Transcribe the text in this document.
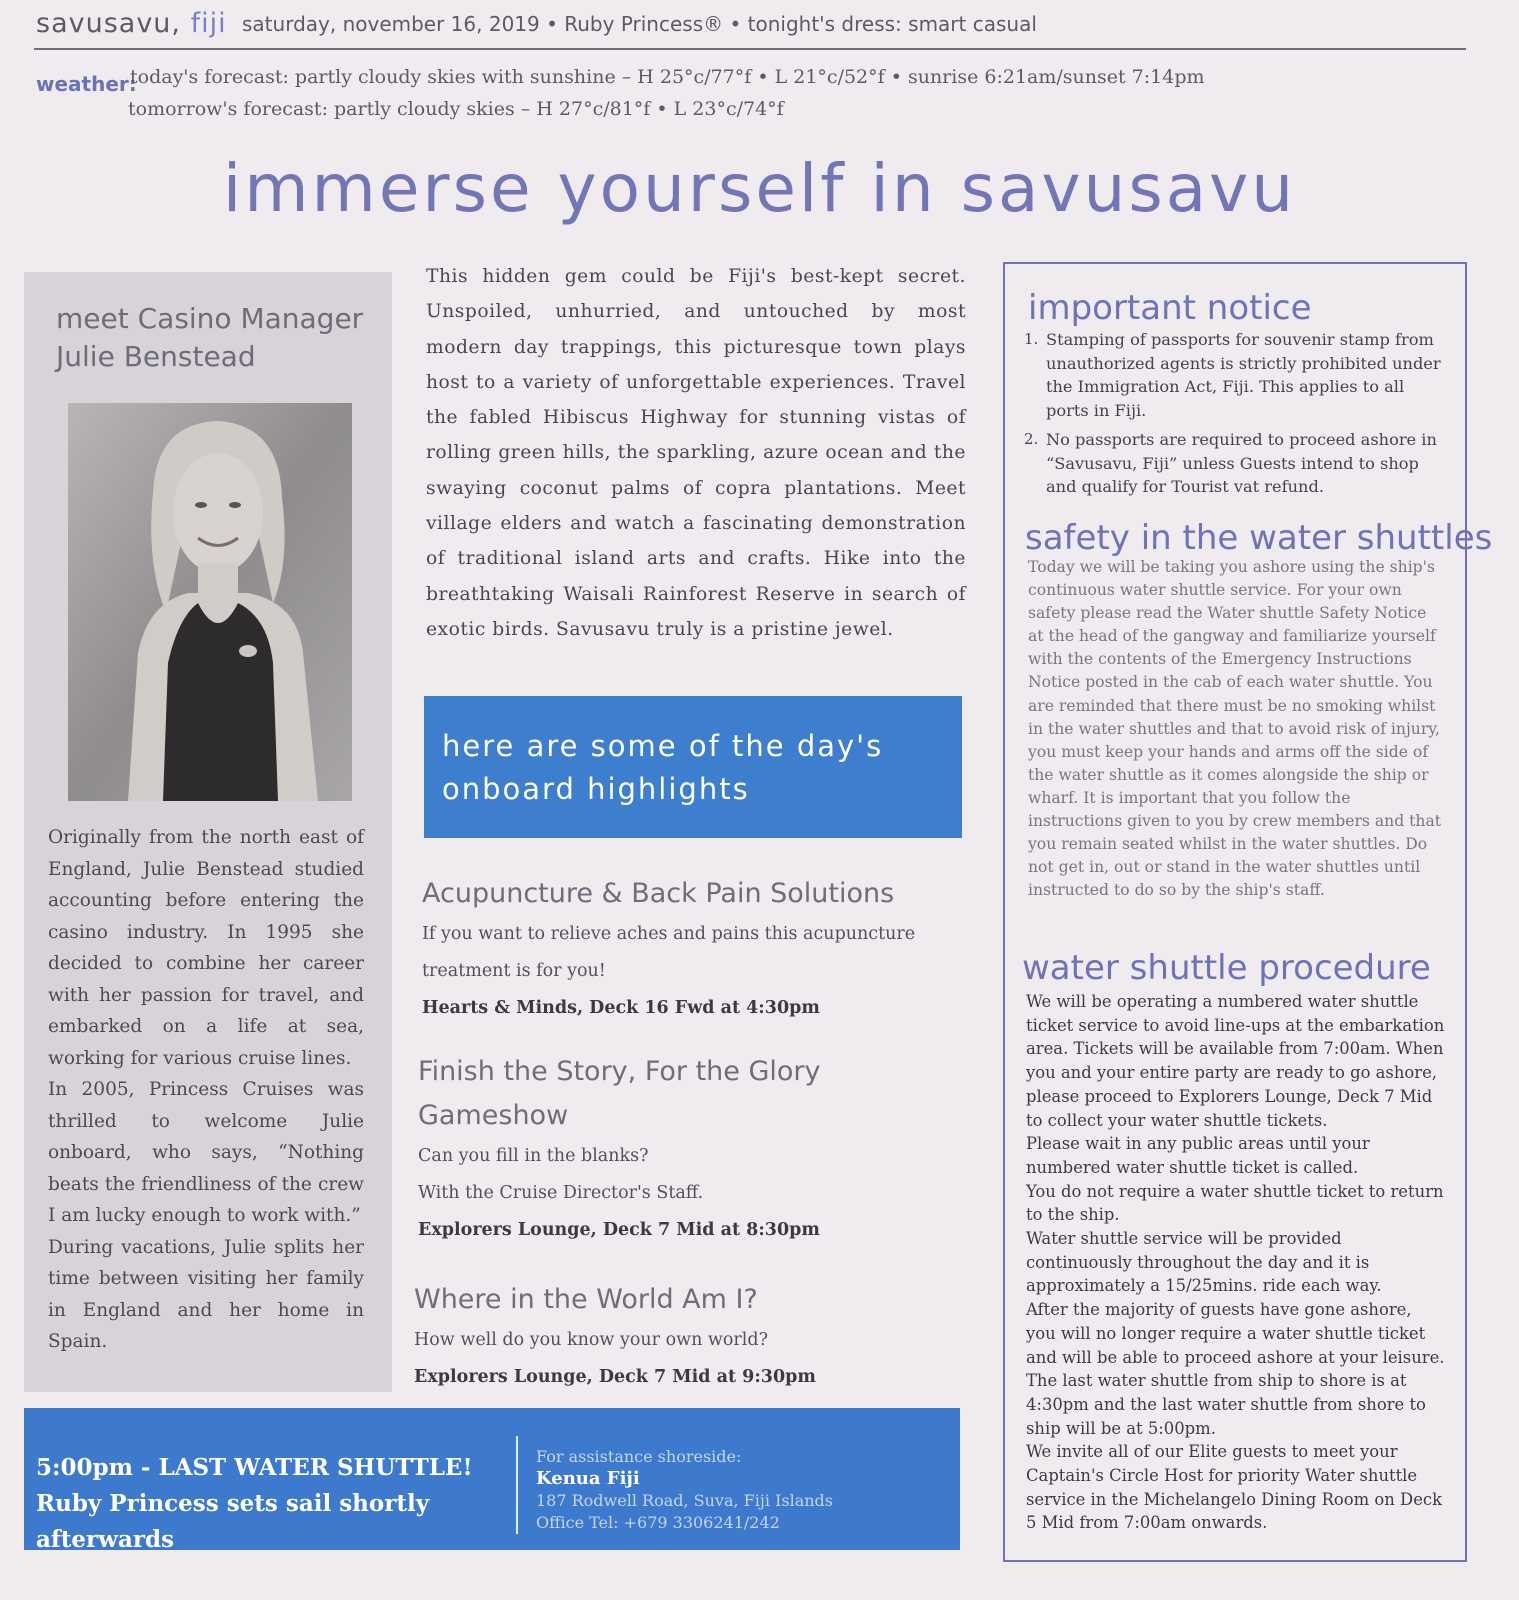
savusavu, fiji saturday, november 16, 2019 • Ruby Princess® • tonight's dress: smart casual
weather:
today's forecast: partly cloudy skies with sunshine – H 25°c/77°f • L 21°c/52°f • sunrise 6:21am/sunset 7:14pm
tomorrow's forecast: partly cloudy skies – H 27°c/81°f • L 23°c/74°f
immerse yourself in savusavu
meet Casino Manager
Julie Benstead

Originally from the north east of England, Julie Benstead studied accounting before entering the casino industry. In 1995 she decided to combine her career with her passion for travel, and embarked on a life at sea, working for various cruise lines.

In 2005, Princess Cruises was thrilled to welcome Julie onboard, who says, “Nothing beats the friendliness of the crew I am lucky enough to work with.”

During vacations, Julie splits her time between visiting her family in England and her home in Spain.

This hidden gem could be Fiji's best-kept secret. Unspoiled, unhurried, and untouched by most modern day trappings, this picturesque town plays host to a variety of unforgettable experiences. Travel the fabled Hibiscus Highway for stunning vistas of rolling green hills, the sparkling, azure ocean and the swaying coconut palms of copra plantations. Meet village elders and watch a fascinating demonstration of traditional island arts and crafts. Hike into the breathtaking Waisali Rainforest Reserve in search of exotic birds. Savusavu truly is a pristine jewel.
here are some of the day's
onboard highlights
Acupuncture & Back Pain Solutions
If you want to relieve aches and pains this acupuncture
treatment is for you!
Hearts & Minds, Deck 16 Fwd at 4:30pm
Finish the Story, For the Glory
Gameshow
Can you fill in the blanks?
With the Cruise Director's Staff.
Explorers Lounge, Deck 7 Mid at 8:30pm
Where in the World Am I?
How well do you know your own world?
Explorers Lounge, Deck 7 Mid at 9:30pm
5:00pm - LAST WATER SHUTTLE!
Ruby Princess sets sail shortly afterwards
For assistance shoreside:
Kenua Fiji
187 Rodwell Road, Suva, Fiji Islands
Office Tel: +679 3306241/242
important notice
1. Stamping of passports for souvenir stamp from unauthorized agents is strictly prohibited under the Immigration Act, Fiji. This applies to all ports in Fiji.
2. No passports are required to proceed ashore in “Savusavu, Fiji” unless Guests intend to shop and qualify for Tourist vat refund.
safety in the water shuttles
Today we will be taking you ashore using the ship's continuous water shuttle service. For your own safety please read the Water shuttle Safety Notice at the head of the gangway and familiarize yourself with the contents of the Emergency Instructions Notice posted in the cab of each water shuttle. You are reminded that there must be no smoking whilst in the water shuttles and that to avoid risk of injury, you must keep your hands and arms off the side of the water shuttle as it comes alongside the ship or wharf. It is important that you follow the instructions given to you by crew members and that you remain seated whilst in the water shuttles. Do not get in, out or stand in the water shuttles until instructed to do so by the ship's staff.
water shuttle procedure

We will be operating a numbered water shuttle ticket service to avoid line-ups at the embarkation area. Tickets will be available from 7:00am. When you and your entire party are ready to go ashore, please proceed to Explorers Lounge, Deck 7 Mid to collect your water shuttle tickets.

Please wait in any public areas until your numbered water shuttle ticket is called.

You do not require a water shuttle ticket to return to the ship.

Water shuttle service will be provided continuously throughout the day and it is approximately a 15/25mins. ride each way.

After the majority of guests have gone ashore, you will no longer require a water shuttle ticket and will be able to proceed ashore at your leisure.

The last water shuttle from ship to shore is at 4:30pm and the last water shuttle from shore to ship will be at 5:00pm.

We invite all of our Elite guests to meet your Captain's Circle Host for priority Water shuttle service in the Michelangelo Dining Room on Deck 5 Mid from 7:00am onwards.
